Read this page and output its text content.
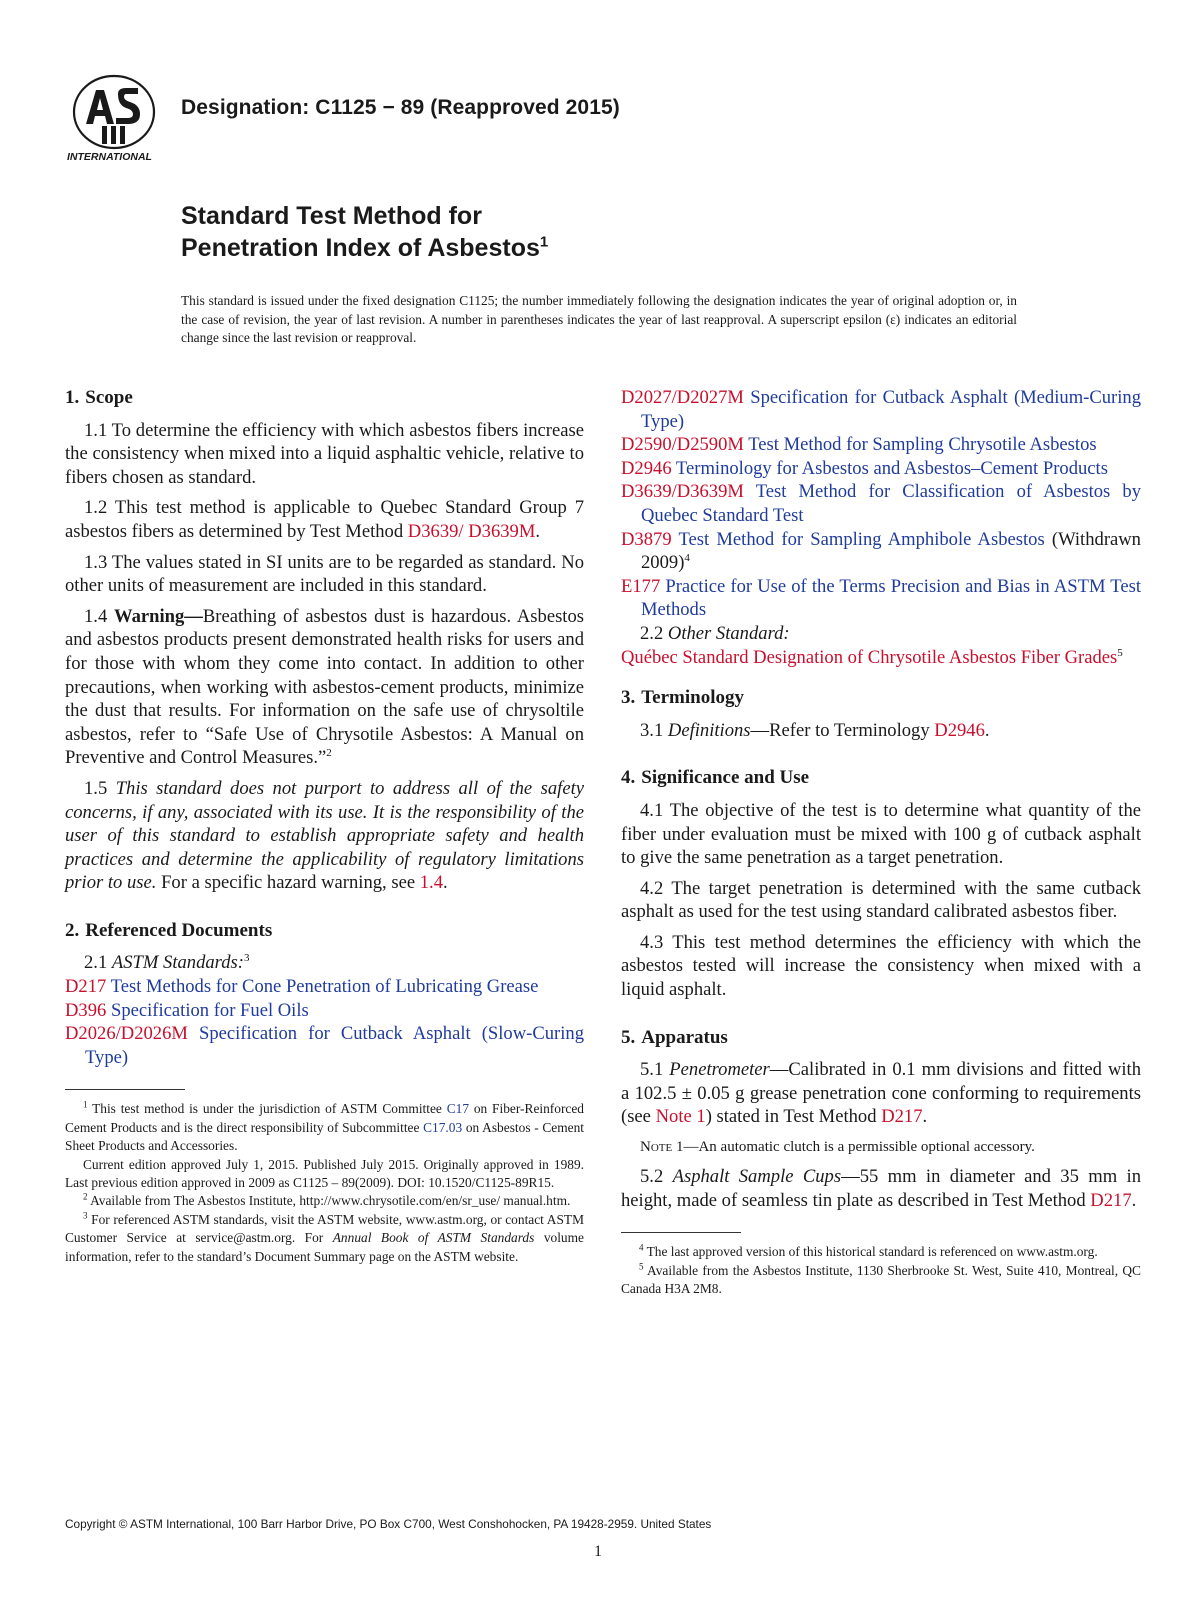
INTERNATIONAL
Designation: C1125 − 89 (Reapproved 2015)
Standard Test Method for
Penetration Index of Asbestos$^1$
This standard is issued under the fixed designation C1125; the number immediately following the designation indicates the year of original adoption or, in the case of revision, the year of last revision. A number in parentheses indicates the year of last reapproval. A superscript epsilon (ε) indicates an editorial change since the last revision or reapproval.
1. Scope

1.1 To determine the efficiency with which asbestos fibers increase the consistency when mixed into a liquid asphaltic vehicle, relative to fibers chosen as standard.

1.2 This test method is applicable to Quebec Standard Group 7 asbestos fibers as determined by Test Method D3639/ D3639M.

1.3 The values stated in SI units are to be regarded as standard. No other units of measurement are included in this standard.

1.4 Warning—Breathing of asbestos dust is hazardous. Asbestos and asbestos products present demonstrated health risks for users and for those with whom they come into contact. In addition to other precautions, when working with asbestos-cement products, minimize the dust that results. For information on the safe use of chrysoltile asbestos, refer to “Safe Use of Chrysotile Asbestos: A Manual on Preventive and Control Measures.”$^2$

1.5 This standard does not purport to address all of the safety concerns, if any, associated with its use. It is the responsibility of the user of this standard to establish appropriate safety and health practices and determine the applicability of regulatory limitations prior to use. For a specific hazard warning, see 1.4.

2. Referenced Documents

2.1 ASTM Standards:$^3$

D217 Test Methods for Cone Penetration of Lubricating Grease

D396 Specification for Fuel Oils

D2026/D2026M Specification for Cutback Asphalt (Slow-Curing Type)

$^1$ This test method is under the jurisdiction of ASTM Committee C17 on Fiber-Reinforced Cement Products and is the direct responsibility of Subcommittee C17.03 on Asbestos - Cement Sheet Products and Accessories.

Current edition approved July 1, 2015. Published July 2015. Originally approved in 1989. Last previous edition approved in 2009 as C1125 – 89(2009). DOI: 10.1520/C1125-89R15.

$^2$ Available from The Asbestos Institute, http://www.chrysotile.com/en/sr_use/ manual.htm.

$^3$ For referenced ASTM standards, visit the ASTM website, www.astm.org, or contact ASTM Customer Service at service@astm.org. For Annual Book of ASTM Standards volume information, refer to the standard’s Document Summary page on the ASTM website.

D2027/D2027M Specification for Cutback Asphalt (Medium-Curing Type)

D2590/D2590M Test Method for Sampling Chrysotile Asbestos

D2946 Terminology for Asbestos and Asbestos–Cement Products

D3639/D3639M Test Method for Classification of Asbestos by Quebec Standard Test

D3879 Test Method for Sampling Amphibole Asbestos (Withdrawn 2009)$^4$

E177 Practice for Use of the Terms Precision and Bias in ASTM Test Methods

2.2 Other Standard:

Québec Standard Designation of Chrysotile Asbestos Fiber Grades$^5$

3. Terminology

3.1 Definitions—Refer to Terminology D2946.

4. Significance and Use

4.1 The objective of the test is to determine what quantity of the fiber under evaluation must be mixed with 100 g of cutback asphalt to give the same penetration as a target penetration.

4.2 The target penetration is determined with the same cutback asphalt as used for the test using standard calibrated asbestos fiber.

4.3 This test method determines the efficiency with which the asbestos tested will increase the consistency when mixed with a liquid asphalt.

5. Apparatus

5.1 Penetrometer—Calibrated in 0.1 mm divisions and fitted with a 102.5 ± 0.05 g grease penetration cone conforming to requirements (see Note 1) stated in Test Method D217.

Note 1—An automatic clutch is a permissible optional accessory.

5.2 Asphalt Sample Cups—55 mm in diameter and 35 mm in height, made of seamless tin plate as described in Test Method D217.

$^4$ The last approved version of this historical standard is referenced on www.astm.org.

$^5$ Available from the Asbestos Institute, 1130 Sherbrooke St. West, Suite 410, Montreal, QC Canada H3A 2M8.

Copyright © ASTM International, 100 Barr Harbor Drive, PO Box C700, West Conshohocken, PA 19428-2959. United States
1
